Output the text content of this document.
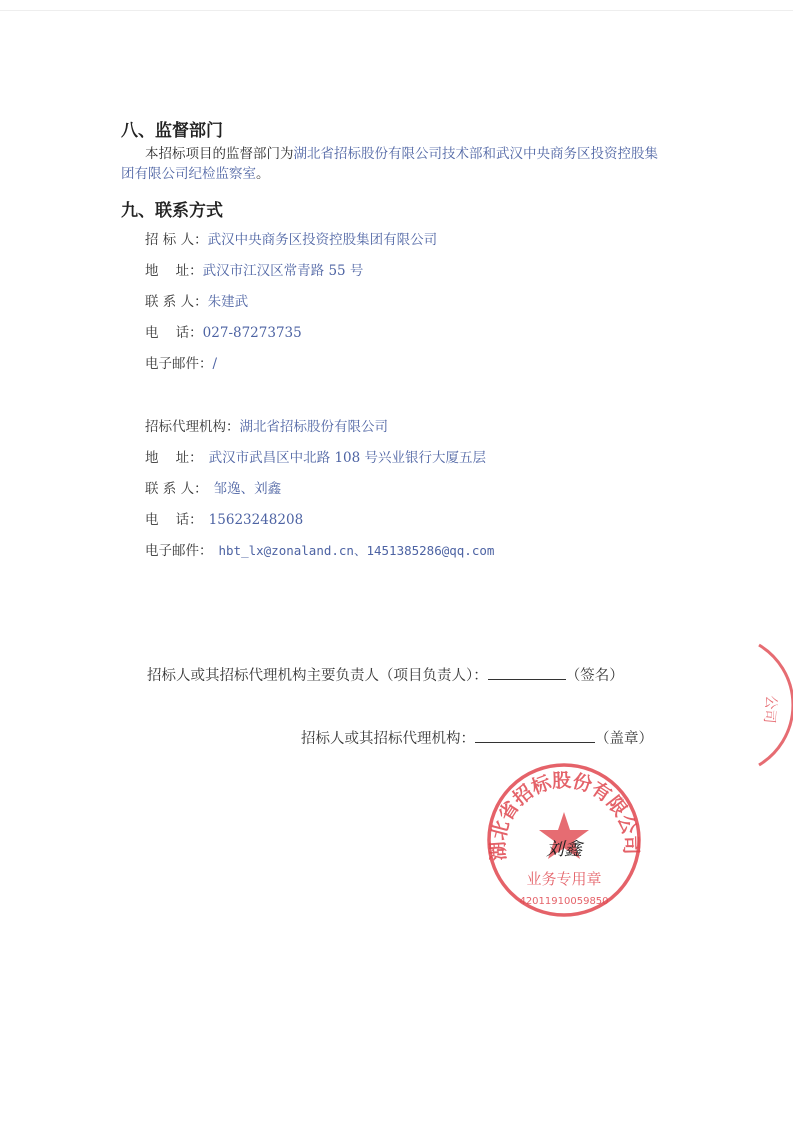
八、监督部门
本招标项目的监督部门为湖北省招标股份有限公司技术部和武汉中央商务区投资控股集
团有限公司纪检监察室。
九、联系方式
招 标 人：武汉中央商务区投资控股集团有限公司
地    址：武汉市江汉区常青路 55 号
联 系 人：朱建武
电    话：027-87273735
电子邮件：/
招标代理机构：湖北省招标股份有限公司
地    址： 武汉市武昌区中北路 108 号兴业银行大厦五层
联 系 人： 邹逸、刘鑫
电    话： 15623248208
电子邮件： hbt_lx@zonaland.cn、1451385286@qq.com
招标人或其招标代理机构主要负责人（项目负责人）：	（签名）
招标人或其招标代理机构：	（盖章）
湖北省招标股份有限公司
刘鑫
业务专用章
42011910059850
公司
